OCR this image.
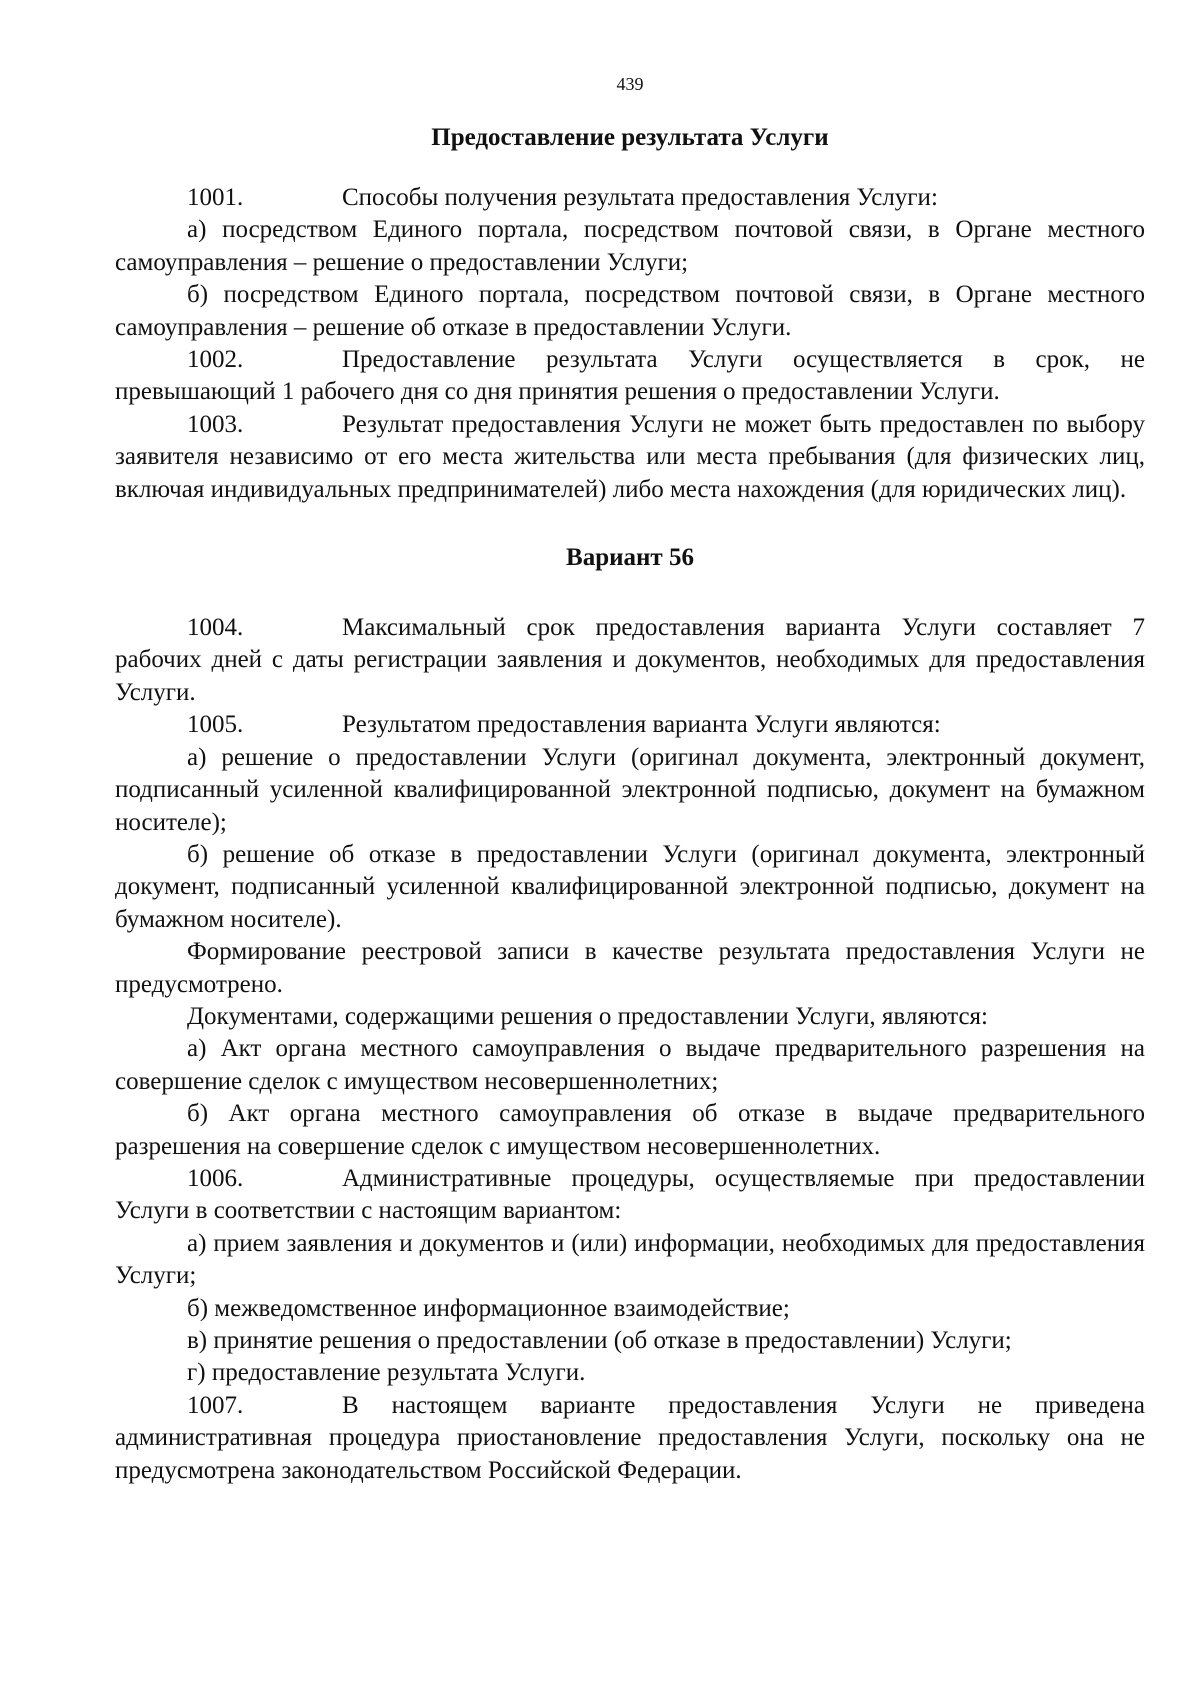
439
Предоставление результата Услуги

1001.	Способы получения результата предоставления Услуги:

а) посредством Единого портала, посредством почтовой связи, в Органе местного самоуправления – решение о предоставлении Услуги;

б) посредством Единого портала, посредством почтовой связи, в Органе местного самоуправления – решение об отказе в предоставлении Услуги.

1002.	Предоставление результата Услуги осуществляется в срок, не превышающий 1 рабочего дня со дня принятия решения о предоставлении Услуги.

1003.	Результат предоставления Услуги не может быть предоставлен по выбору заявителя независимо от его места жительства или места пребывания (для физических лиц, включая индивидуальных предпринимателей) либо места нахождения (для юридических лиц).

Вариант 56

1004.	Максимальный срок предоставления варианта Услуги составляет 7 рабочих дней с даты регистрации заявления и документов, необходимых для предоставления Услуги.

1005.	Результатом предоставления варианта Услуги являются:

а) решение о предоставлении Услуги (оригинал документа, электронный документ, подписанный усиленной квалифицированной электронной подписью, документ на бумажном носителе);

б) решение об отказе в предоставлении Услуги (оригинал документа, электронный документ, подписанный усиленной квалифицированной электронной подписью, документ на бумажном носителе).

Формирование реестровой записи в качестве результата предоставления Услуги не предусмотрено.

Документами, содержащими решения о предоставлении Услуги, являются:

а) Акт органа местного самоуправления о выдаче предварительного разрешения на совершение сделок с имуществом несовершеннолетних;

б) Акт органа местного самоуправления об отказе в выдаче предварительного разрешения на совершение сделок с имуществом несовершеннолетних.

1006.	Административные процедуры, осуществляемые при предоставлении Услуги в соответствии с настоящим вариантом:

а) прием заявления и документов и (или) информации, необходимых для предоставления Услуги;

б) межведомственное информационное взаимодействие;

в) принятие решения о предоставлении (об отказе в предоставлении) Услуги;

г) предоставление результата Услуги.

1007.	В настоящем варианте предоставления Услуги не приведена административная процедура приостановление предоставления Услуги, поскольку она не предусмотрена законодательством Российской Федерации.
